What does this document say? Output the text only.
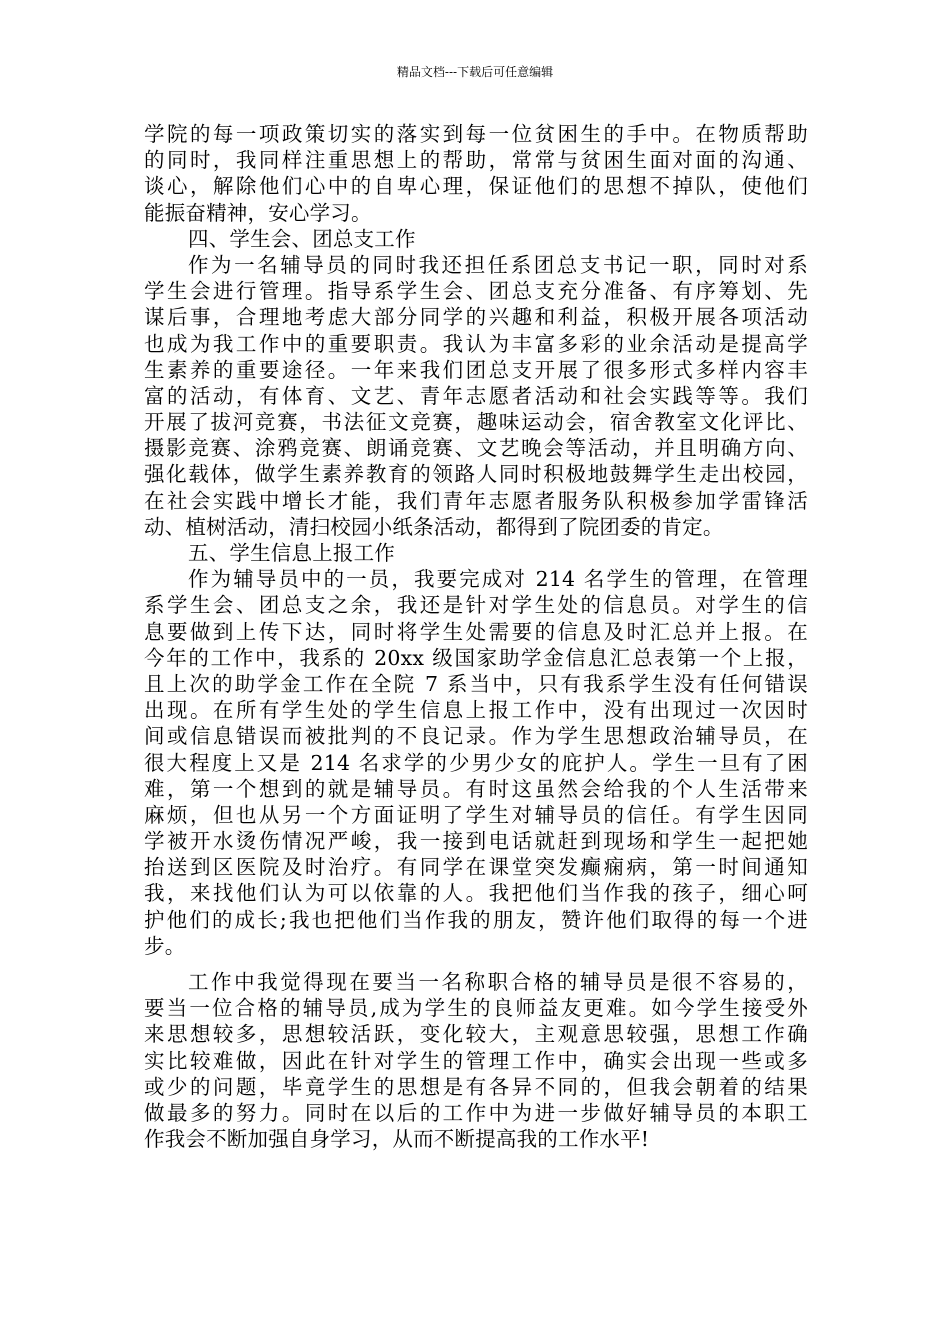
精品文档---下载后可任意编辑
学院的每一项政策切实的落实到每一位贫困生的手中。在物质帮助
的同时，我同样注重思想上的帮助，常常与贫困生面对面的沟通、
谈心，解除他们心中的自卑心理，保证他们的思想不掉队，使他们
能振奋精神，安心学习。
四、学生会、团总支工作
作为一名辅导员的同时我还担任系团总支书记一职，同时对系
学生会进行管理。指导系学生会、团总支充分准备、有序筹划、先
谋后事，合理地考虑大部分同学的兴趣和利益，积极开展各项活动
也成为我工作中的重要职责。我认为丰富多彩的业余活动是提高学
生素养的重要途径。一年来我们团总支开展了很多形式多样内容丰
富的活动，有体育、文艺、青年志愿者活动和社会实践等等。我们
开展了拔河竞赛，书法征文竞赛，趣味运动会，宿舍教室文化评比、
摄影竞赛、涂鸦竞赛、朗诵竞赛、文艺晚会等活动，并且明确方向、
强化载体，做学生素养教育的领路人同时积极地鼓舞学生走出校园，
在社会实践中增长才能，我们青年志愿者服务队积极参加学雷锋活
动、植树活动，清扫校园小纸条活动，都得到了院团委的肯定。
五、学生信息上报工作
作为辅导员中的一员，我要完成对 214 名学生的管理，在管理
系学生会、团总支之余，我还是针对学生处的信息员。对学生的信
息要做到上传下达，同时将学生处需要的信息及时汇总并上报。在
今年的工作中，我系的 20xx 级国家助学金信息汇总表第一个上报，
且上次的助学金工作在全院 7 系当中，只有我系学生没有任何错误
出现。在所有学生处的学生信息上报工作中，没有出现过一次因时
间或信息错误而被批判的不良记录。作为学生思想政治辅导员，在
很大程度上又是 214 名求学的少男少女的庇护人。学生一旦有了困
难，第一个想到的就是辅导员。有时这虽然会给我的个人生活带来
麻烦，但也从另一个方面证明了学生对辅导员的信任。有学生因同
学被开水烫伤情况严峻，我一接到电话就赶到现场和学生一起把她
抬送到区医院及时治疗。有同学在课堂突发癫痫病，第一时间通知
我，来找他们认为可以依靠的人。我把他们当作我的孩子，细心呵
护他们的成长;我也把他们当作我的朋友，赞许他们取得的每一个进
步。
工作中我觉得现在要当一名称职合格的辅导员是很不容易的，
要当一位合格的辅导员,成为学生的良师益友更难。如今学生接受外
来思想较多，思想较活跃，变化较大，主观意思较强，思想工作确
实比较难做，因此在针对学生的管理工作中，确实会出现一些或多
或少的问题，毕竟学生的思想是有各异不同的，但我会朝着的结果
做最多的努力。同时在以后的工作中为进一步做好辅导员的本职工
作我会不断加强自身学习，从而不断提高我的工作水平!
